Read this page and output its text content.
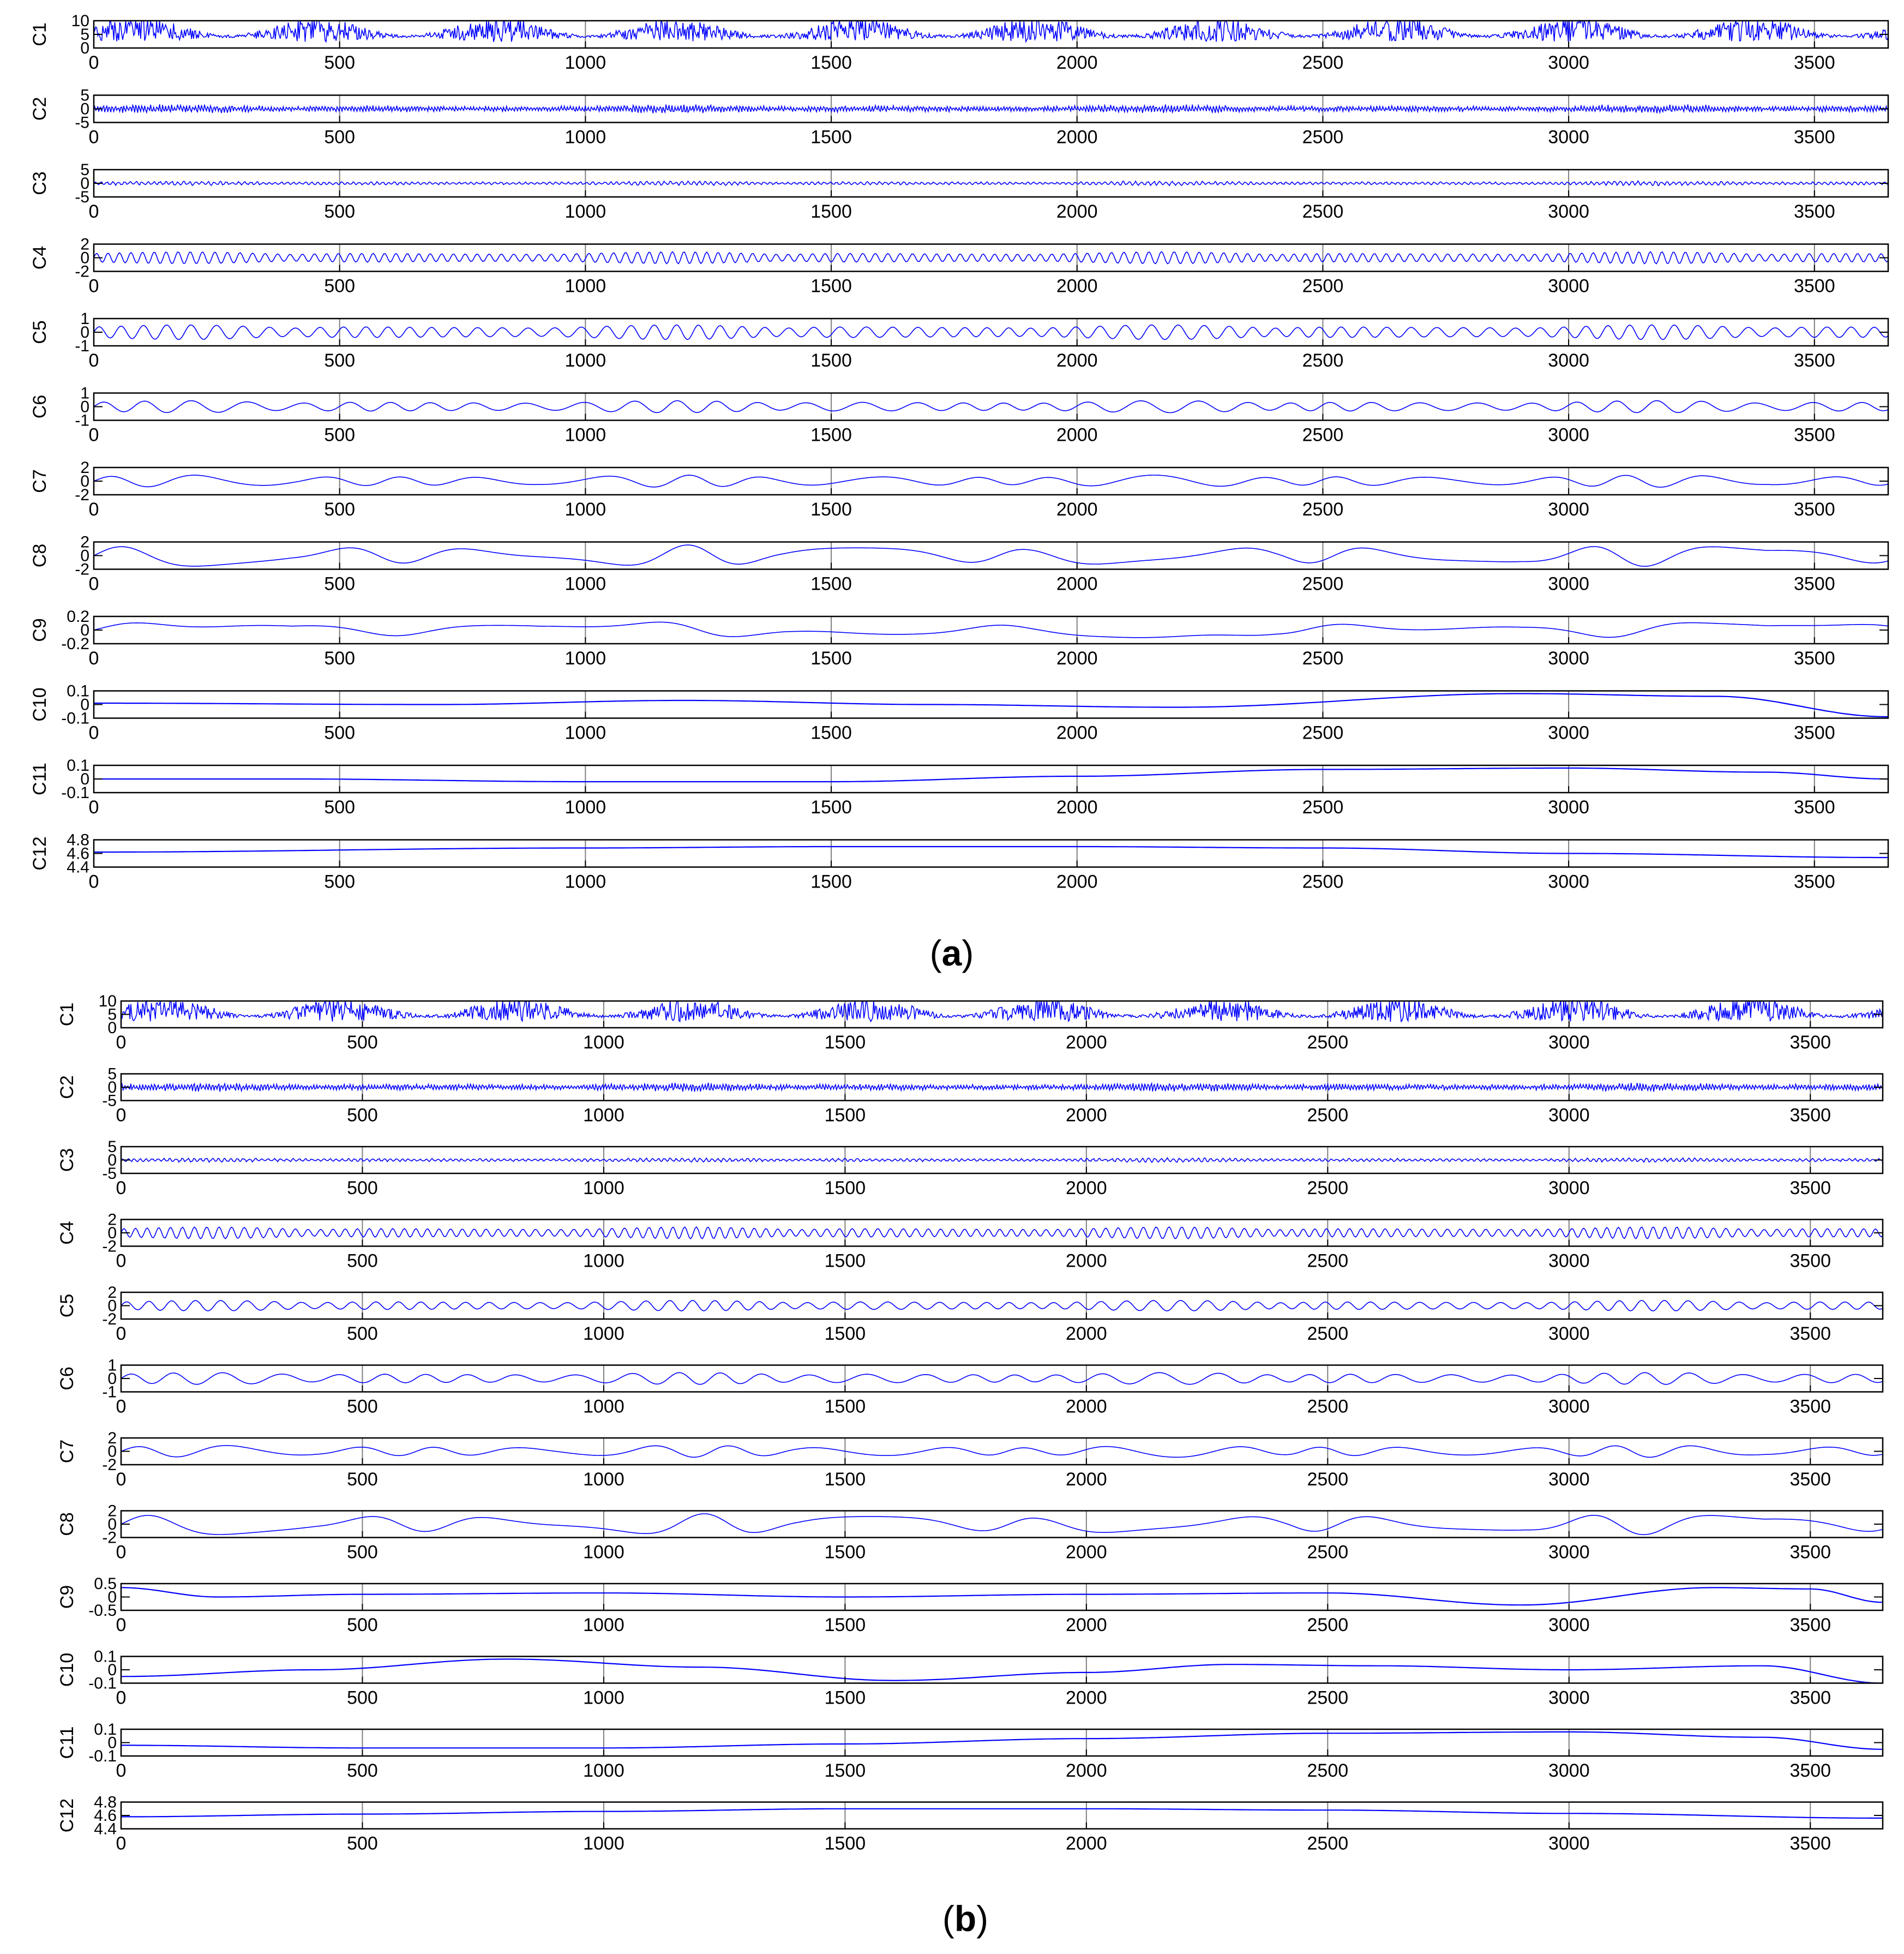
0
5
10
0	500	1000	1500	2000	2500	3000	3500
C1
-5
0
5
0	500	1000	1500	2000	2500	3000	3500
C2
-5
0
5
0	500	1000	1500	2000	2500	3000	3500
C3
-2
0
2
0	500	1000	1500	2000	2500	3000	3500
C4
-1
0
1
0	500	1000	1500	2000	2500	3000	3500
C5
-1
0
1
0	500	1000	1500	2000	2500	3000	3500
C6
-2
0
2
0	500	1000	1500	2000	2500	3000	3500
C7
-2
0
2
0	500	1000	1500	2000	2500	3000	3500
C8
-0.2
0
0.2
0	500	1000	1500	2000	2500	3000	3500
C9
-0.1
0
0.1
0	500	1000	1500	2000	2500	3000	3500
C10
-0.1
0
0.1
0	500	1000	1500	2000	2500	3000	3500
C11
4.4
4.6
4.8
0	500	1000	1500	2000	2500	3000	3500
C12
0
5
10
0	500	1000	1500	2000	2500	3000	3500
C1
-5
0
5
0	500	1000	1500	2000	2500	3000	3500
C2
-5
0
5
0	500	1000	1500	2000	2500	3000	3500
C3
-2
0
2
0	500	1000	1500	2000	2500	3000	3500
C4
-2
0
2
0	500	1000	1500	2000	2500	3000	3500
C5
-1
0
1
0	500	1000	1500	2000	2500	3000	3500
C6
-2
0
2
0	500	1000	1500	2000	2500	3000	3500
C7
-2
0
2
0	500	1000	1500	2000	2500	3000	3500
C8
-0.5
0
0.5
0	500	1000	1500	2000	2500	3000	3500
C9
-0.1
0
0.1
0	500	1000	1500	2000	2500	3000	3500
C10
-0.1
0
0.1
0	500	1000	1500	2000	2500	3000	3500
C11
4.4
4.6
4.8
0	500	1000	1500	2000	2500	3000	3500
C12
(a)
(b)
